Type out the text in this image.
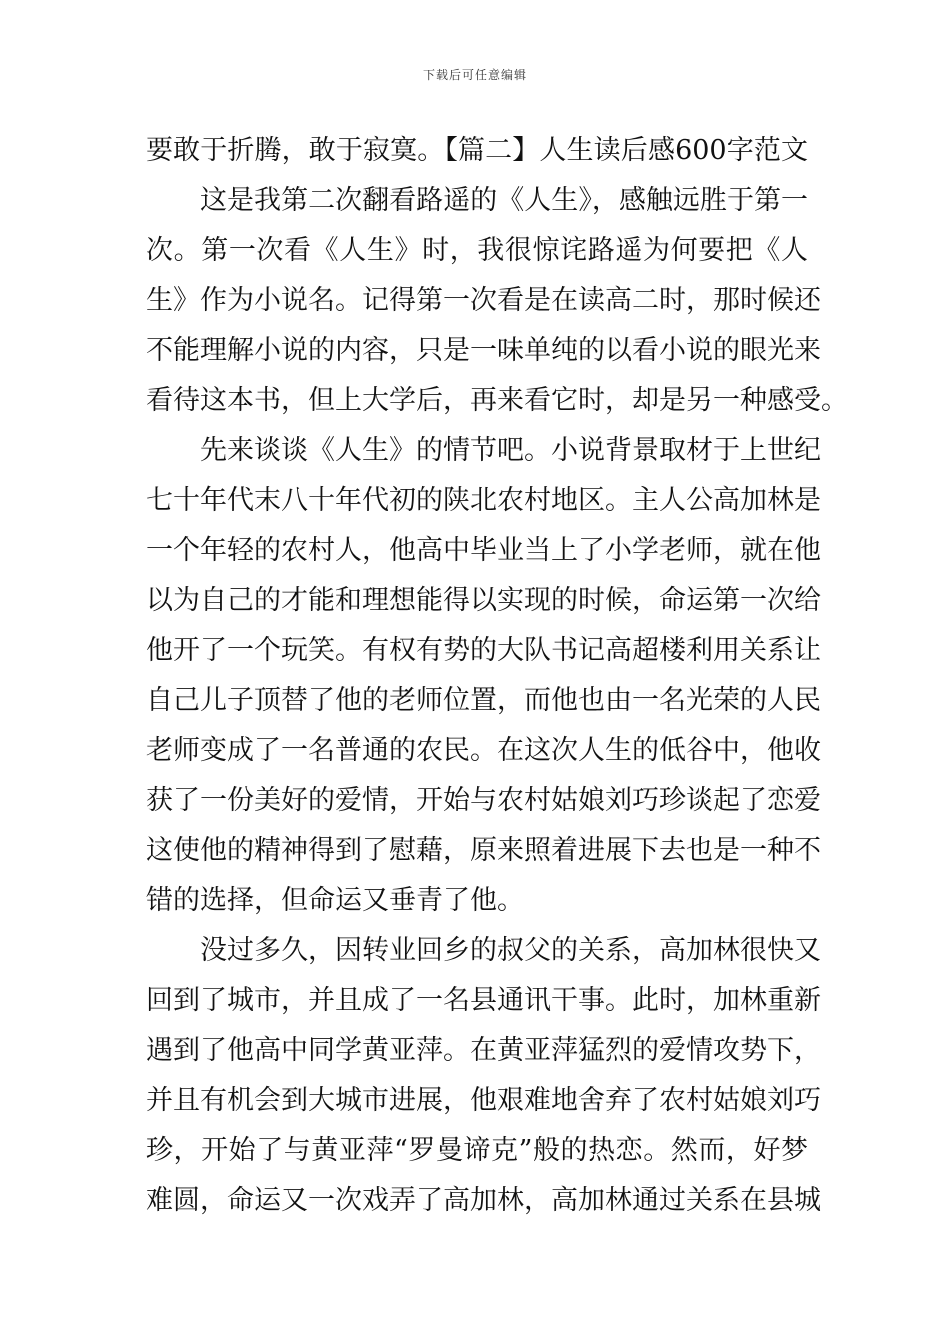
下载后可任意编辑
要敢于折腾，敢于寂寞。【篇二】人生读后感600字范文
这是我第二次翻看路遥的《人生》，感触远胜于第一
次。第一次看《人生》时，我很惊诧路遥为何要把《人
生》作为小说名。记得第一次看是在读高二时，那时候还
不能理解小说的内容，只是一味单纯的以看小说的眼光来
看待这本书，但上大学后，再来看它时，却是另一种感受。
先来谈谈《人生》的情节吧。小说背景取材于上世纪
七十年代末八十年代初的陕北农村地区。主人公高加林是
一个年轻的农村人，他高中毕业当上了小学老师，就在他
以为自己的才能和理想能得以实现的时候，命运第一次给
他开了一个玩笑。有权有势的大队书记高超楼利用关系让
自己儿子顶替了他的老师位置，而他也由一名光荣的人民
老师变成了一名普通的农民。在这次人生的低谷中，他收
获了一份美好的爱情，开始与农村姑娘刘巧珍谈起了恋爱
这使他的精神得到了慰藉，原来照着进展下去也是一种不
错的选择，但命运又垂青了他。
没过多久，因转业回乡的叔父的关系，高加林很快又
回到了城市，并且成了一名县通讯干事。此时，加林重新
遇到了他高中同学黄亚萍。在黄亚萍猛烈的爱情攻势下，
并且有机会到大城市进展，他艰难地舍弃了农村姑娘刘巧
珍，开始了与黄亚萍“罗曼谛克”般的热恋。然而，好梦
难圆，命运又一次戏弄了高加林，高加林通过关系在县城
